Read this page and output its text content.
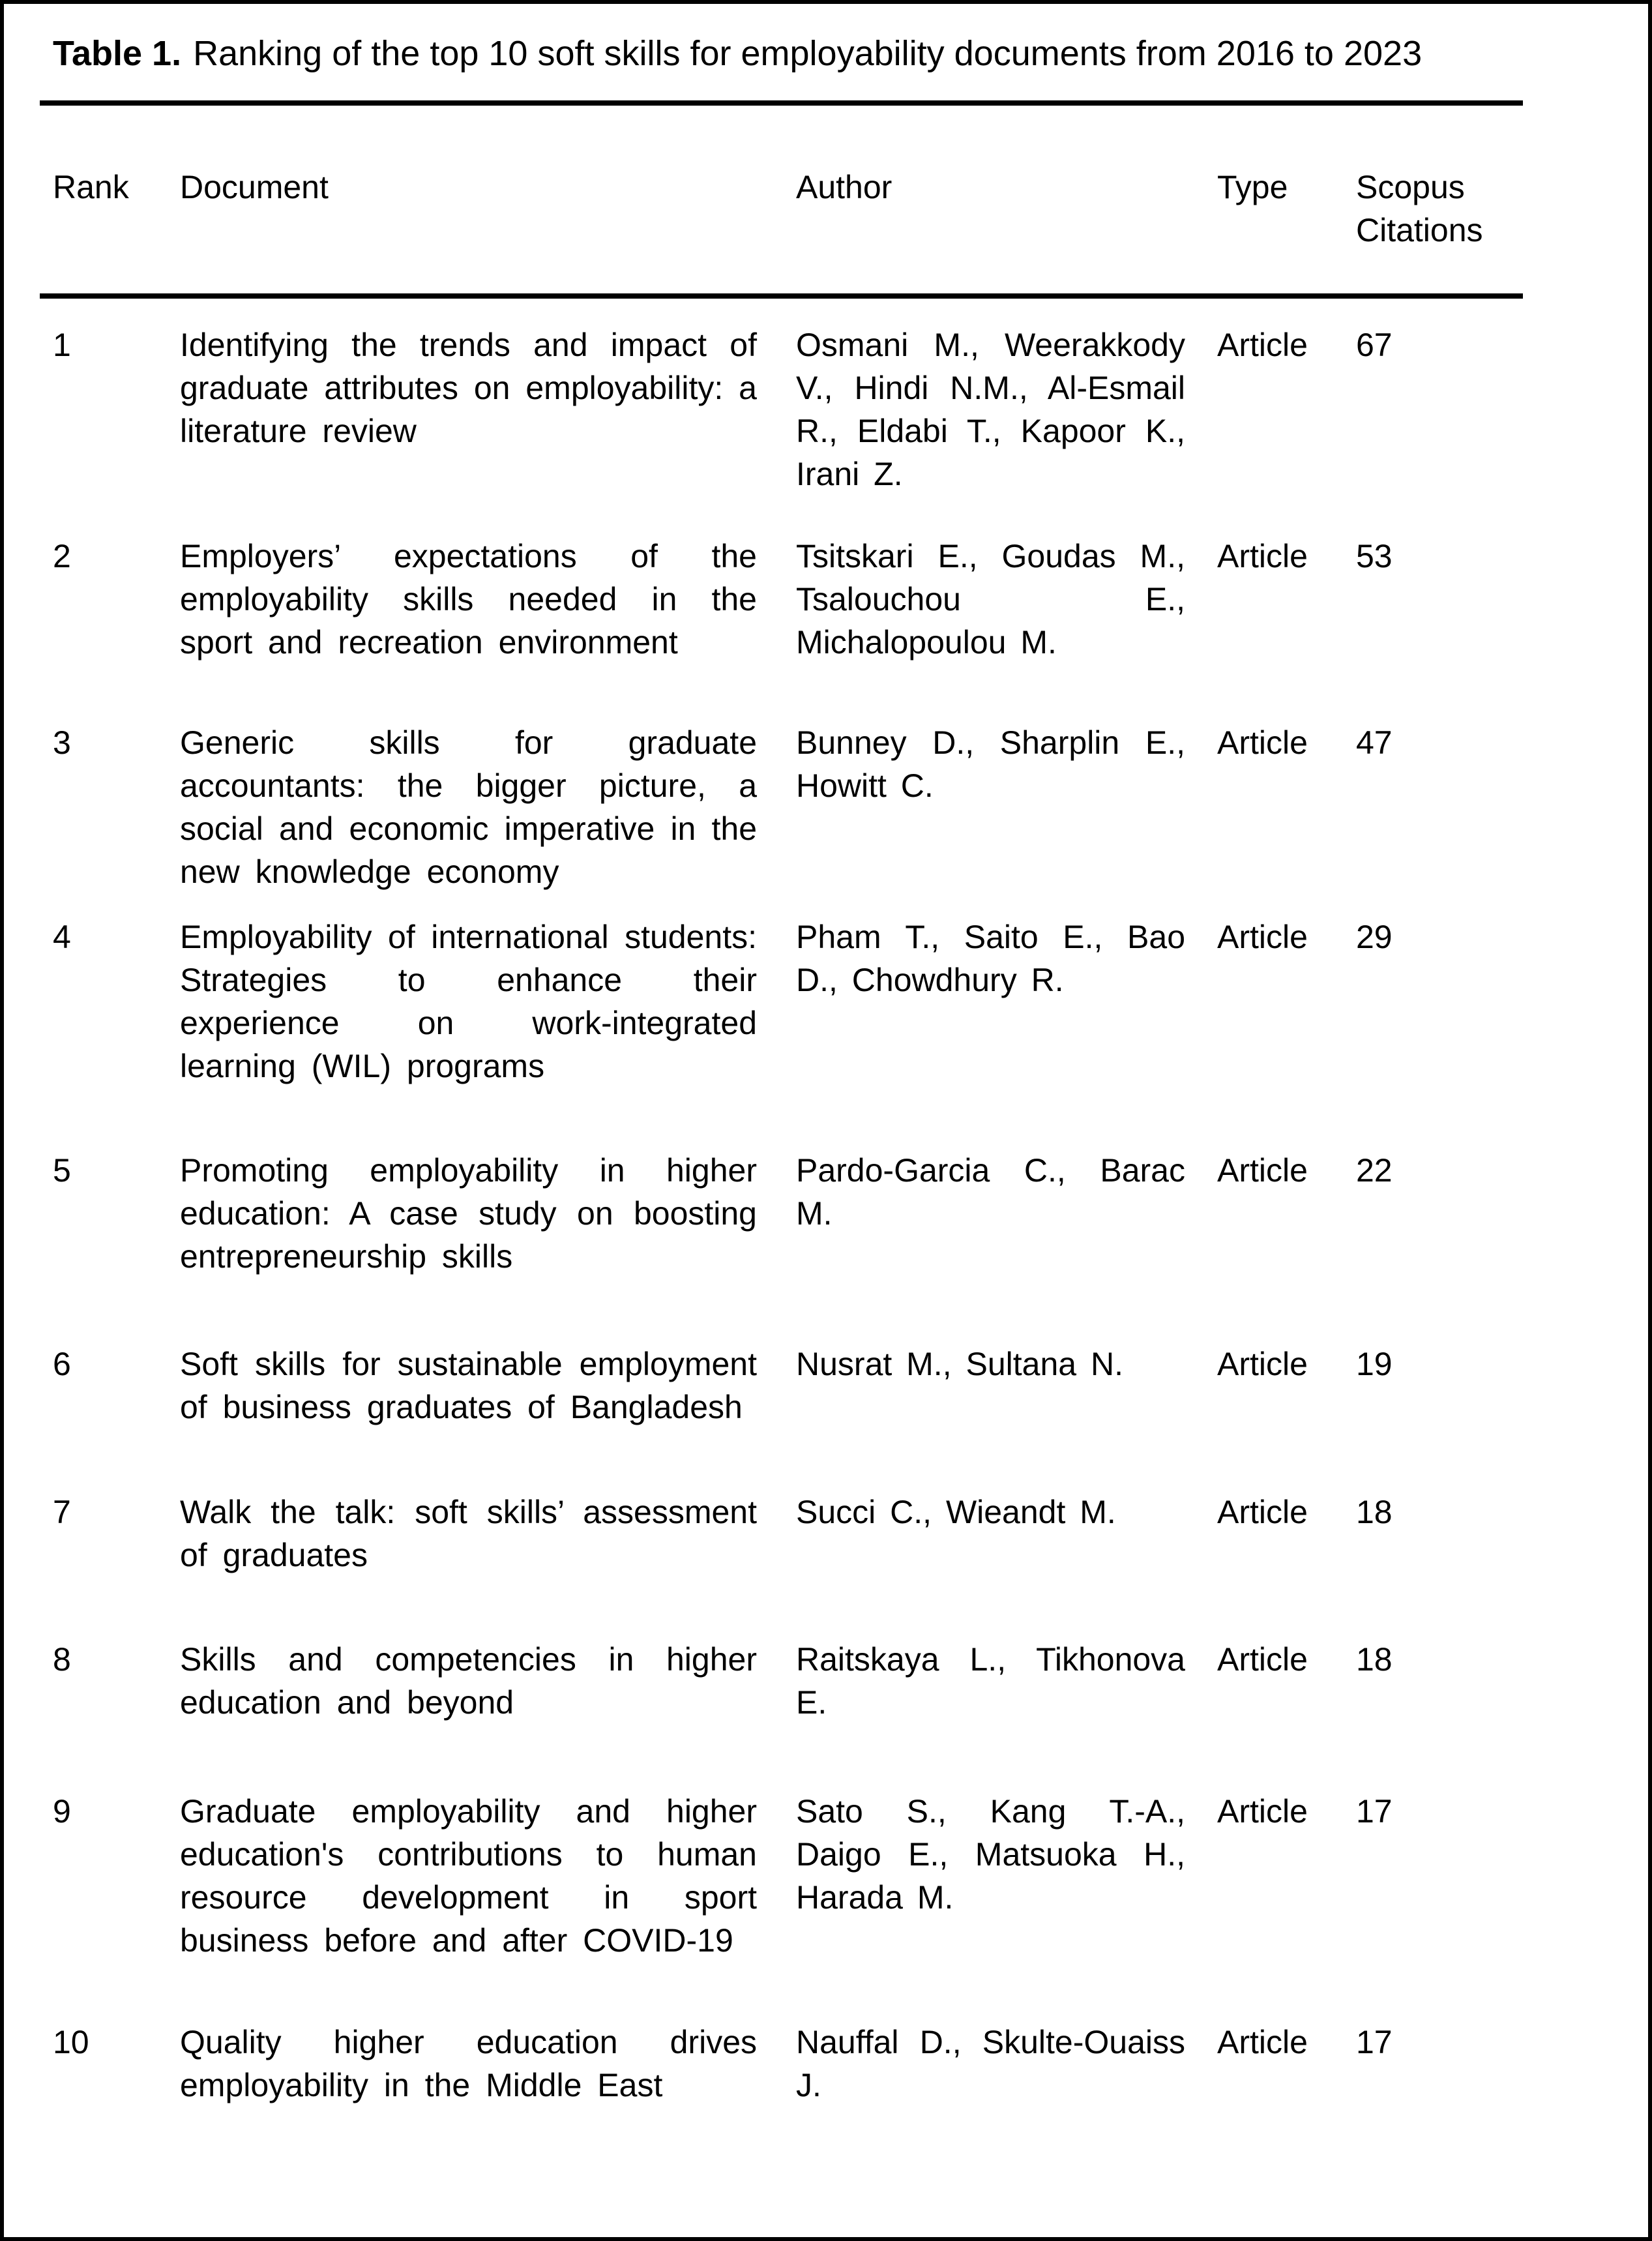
Table 1. Ranking of the top 10 soft skills for employability documents from 2016 to 2023
Rank	Document	Author	Type	Scopus Citations
1	Identifying the trends and impact of graduate attributes on employability: a literature review	Osmani M., Weerakkody V., Hindi N.M., Al-Esmail R., Eldabi T., Kapoor K., Irani Z.	Article	67
2	Employers’ expectations of the employability skills needed in the sport and recreation environment	Tsitskari E., Goudas M., Tsalouchou E., Michalopoulou M.	Article	53
3	Generic skills for graduate accountants: the bigger picture, a social and economic imperative in the new knowledge economy	Bunney D., Sharplin E., Howitt C.	Article	47
4	Employability of international students: Strategies to enhance their experience on work-integrated learning (WIL) programs	Pham T., Saito E., Bao D., Chowdhury R.	Article	29
5	Promoting employability in higher education: A case study on boosting entrepreneurship skills	Pardo-Garcia C., Barac M.	Article	22
6	Soft skills for sustainable employment of business graduates of Bangladesh	Nusrat M., Sultana N.	Article	19
7	Walk the talk: soft skills’ assessment of graduates	Succi C., Wieandt M.	Article	18
8	Skills and competencies in higher education and beyond	Raitskaya L., Tikhonova E.	Article	18
9	Graduate employability and higher education's contributions to human resource development in sport business before and after COVID-19	Sato S., Kang T.-A., Daigo E., Matsuoka H., Harada M.	Article	17
10	Quality higher education drives employability in the Middle East	Nauffal D., Skulte-Ouaiss J.	Article	17
